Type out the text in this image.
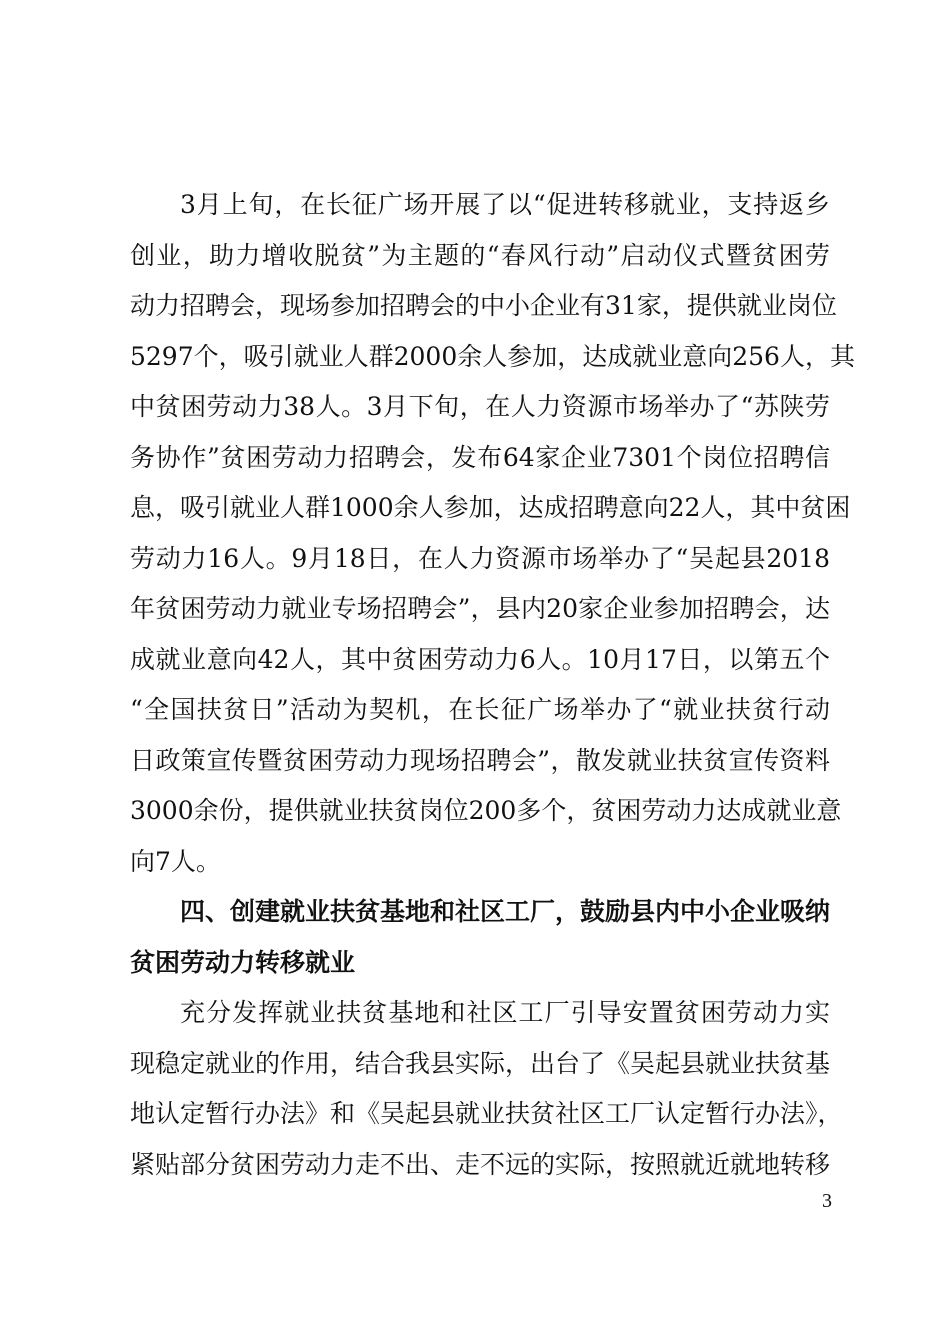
3月上旬，在长征广场开展了以“促进转移就业，支持返乡
创业，助力增收脱贫”为主题的“春风行动”启动仪式暨贫困劳
动力招聘会，现场参加招聘会的中小企业有31家，提供就业岗位
5297个，吸引就业人群2000余人参加，达成就业意向256人，其
中贫困劳动力38人。3月下旬，在人力资源市场举办了“苏陕劳
务协作”贫困劳动力招聘会，发布64家企业7301个岗位招聘信
息，吸引就业人群1000余人参加，达成招聘意向22人，其中贫困
劳动力16人。9月18日，在人力资源市场举办了“吴起县2018
年贫困劳动力就业专场招聘会”，县内20家企业参加招聘会，达
成就业意向42人，其中贫困劳动力6人。10月17日，以第五个
“全国扶贫日”活动为契机，在长征广场举办了“就业扶贫行动
日政策宣传暨贫困劳动力现场招聘会”，散发就业扶贫宣传资料
3000余份，提供就业扶贫岗位200多个，贫困劳动力达成就业意
向7人。
四、创建就业扶贫基地和社区工厂，鼓励县内中小企业吸纳
贫困劳动力转移就业
充分发挥就业扶贫基地和社区工厂引导安置贫困劳动力实
现稳定就业的作用，结合我县实际，出台了《吴起县就业扶贫基
地认定暂行办法》和《吴起县就业扶贫社区工厂认定暂行办法》，
紧贴部分贫困劳动力走不出、走不远的实际，按照就近就地转移
3
